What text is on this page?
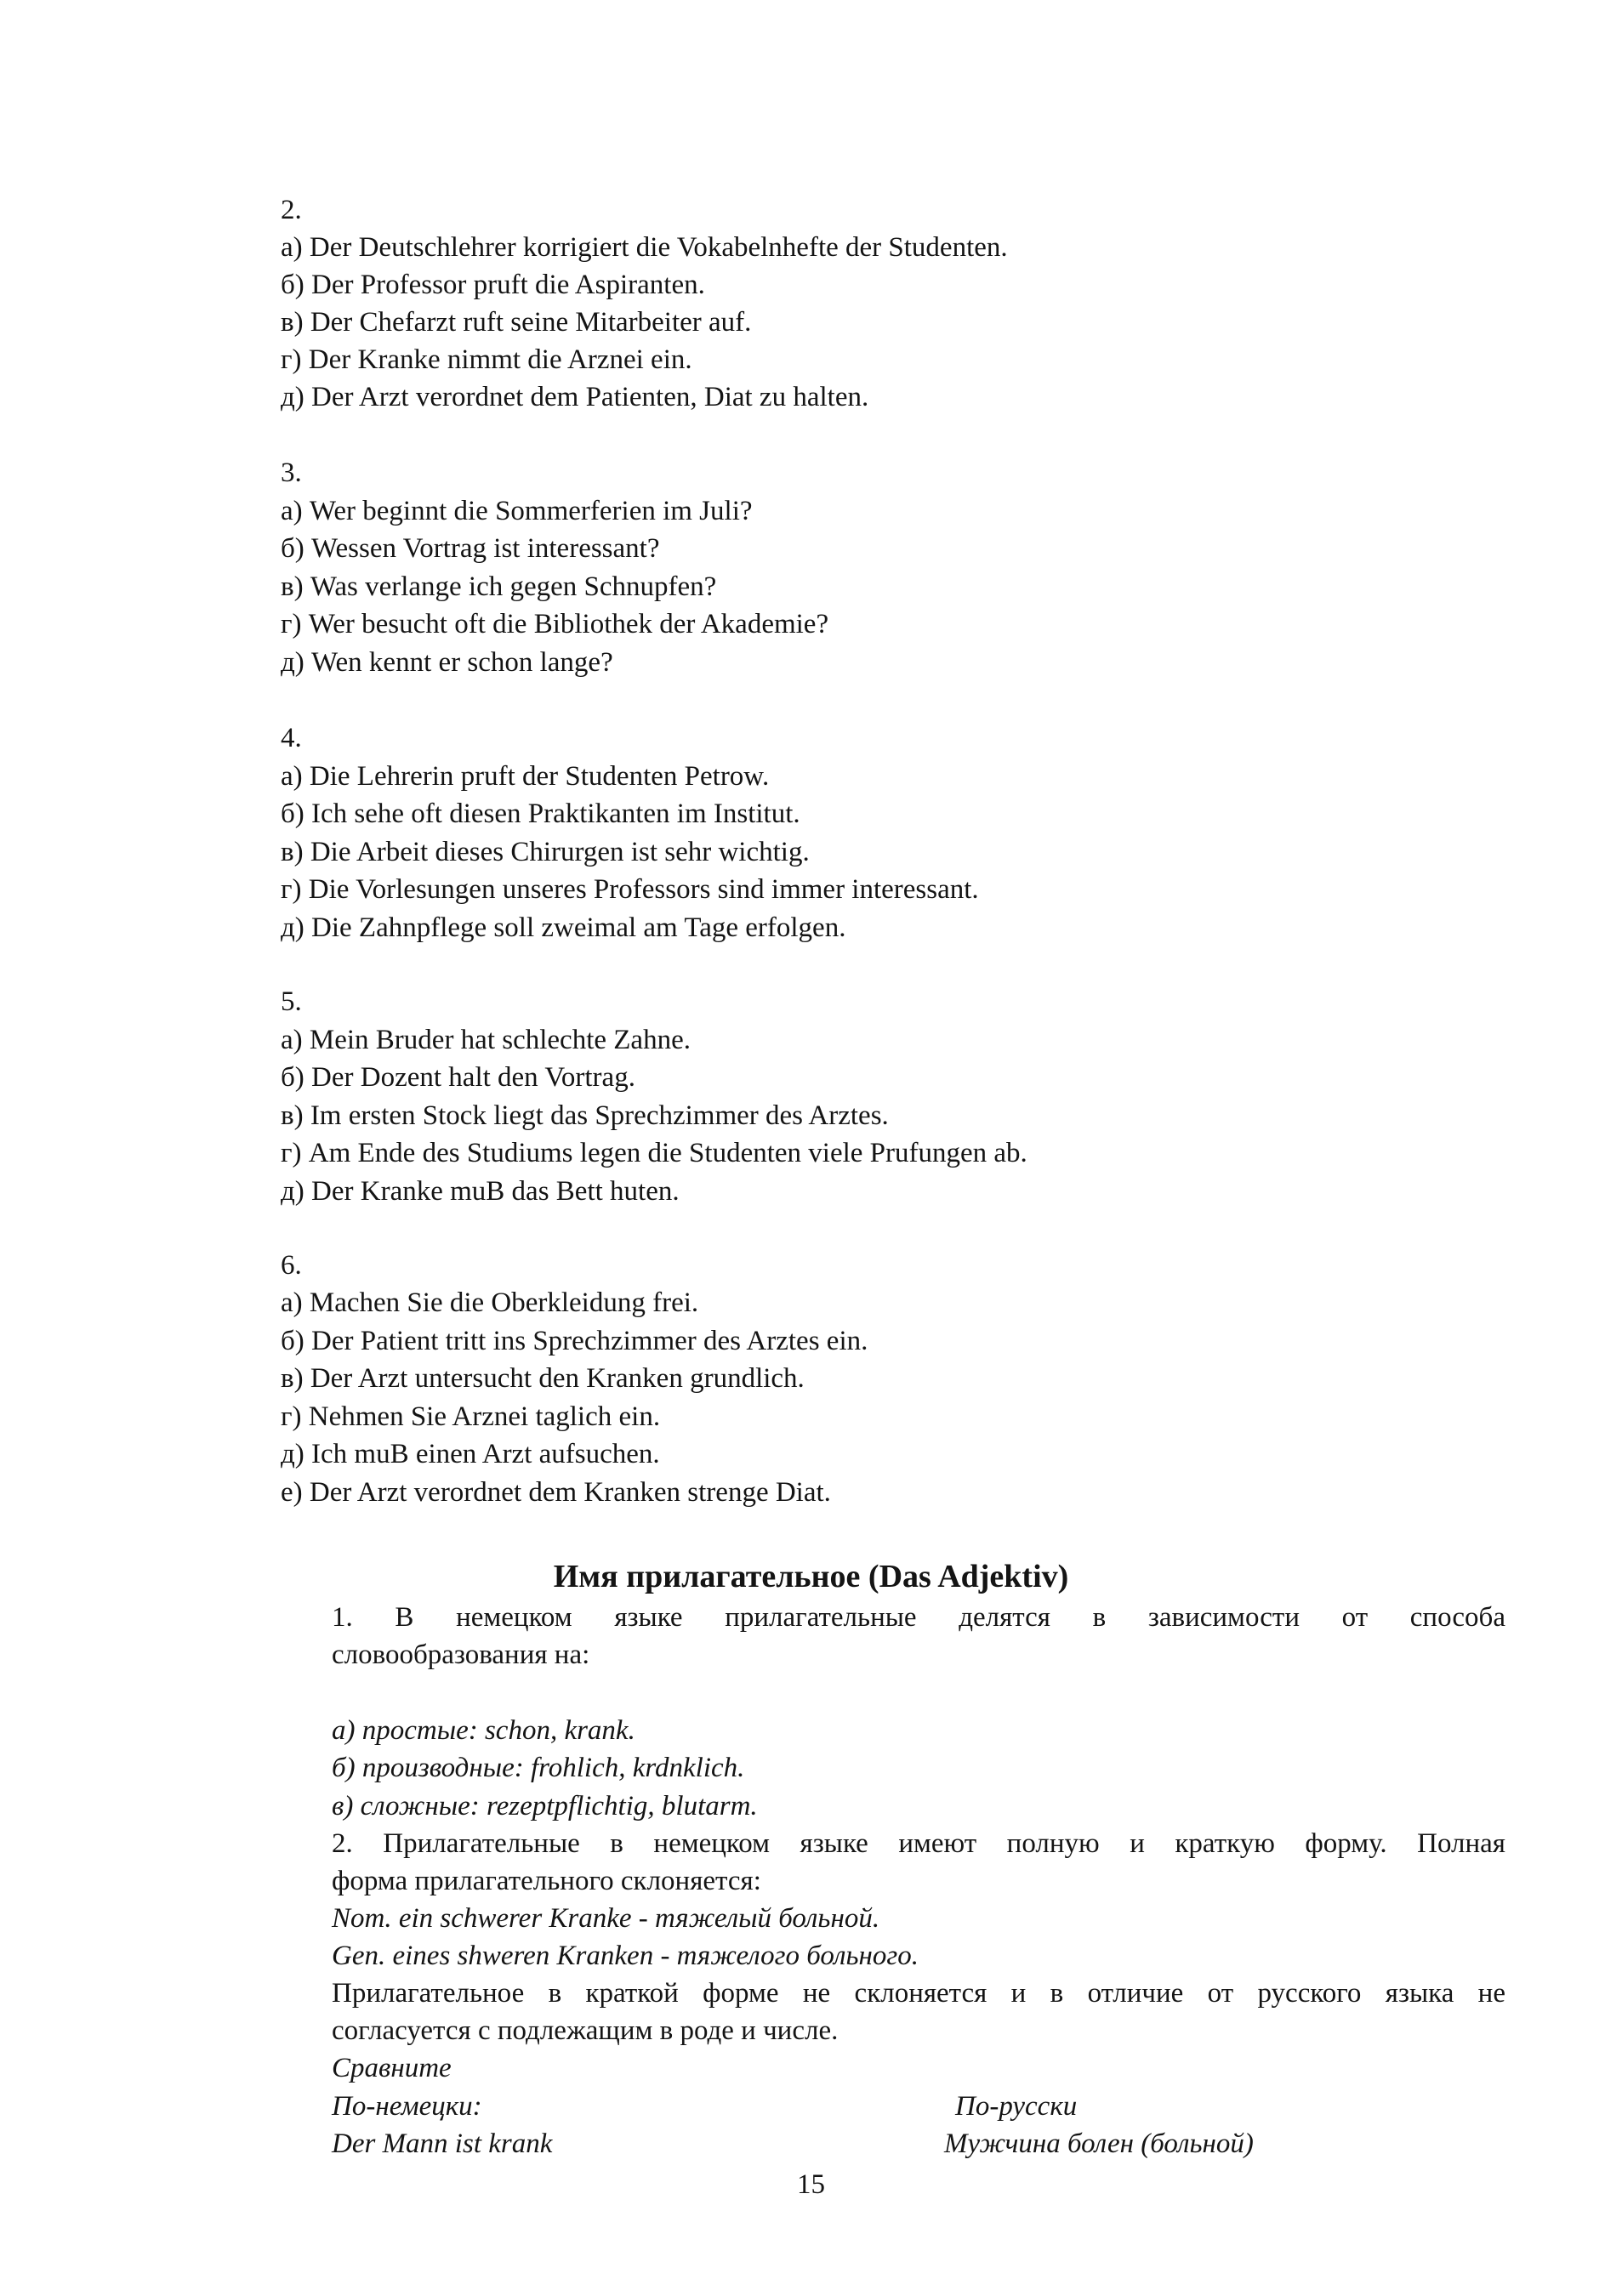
2.
а) Der Deutschlehrer korrigiert die Vokabelnhefte der Studenten.
б) Der Professor pruft die Aspiranten.
в) Der Chefarzt ruft seine Mitarbeiter auf.
г) Der Kranke nimmt die Arznei ein.
д) Der Arzt verordnet dem Patienten, Diat zu halten.
3.
а) Wer beginnt die Sommerferien im Juli?
б) Wessen Vortrag ist interessant?
в) Was verlange ich gegen Schnupfen?
г) Wer besucht oft die Bibliothek der Akademie?
д) Wen kennt er schon lange?
4.
а) Die Lehrerin pruft der Studenten Petrow.
б) Ich sehe oft diesen Praktikanten im Institut.
в) Die Arbeit dieses Chirurgen ist sehr wichtig.
г) Die Vorlesungen unseres Professors sind immer interessant.
д) Die Zahnpflege soll zweimal am Tage erfolgen.
5.
а) Mein Bruder hat schlechte Zahne.
б) Der Dozent halt den Vortrag.
в) Im ersten Stock liegt das Sprechzimmer des Arztes.
г) Am Ende des Studiums legen die Studenten viele Prufungen ab.
д) Der Kranke muB das Bett huten.
6.
а) Machen Sie die Oberkleidung frei.
б) Der Patient tritt ins Sprechzimmer des Arztes ein.
в) Der Arzt untersucht den Kranken grundlich.
г) Nehmen Sie Arznei taglich ein.
д) Ich muB einen Arzt aufsuchen.
е) Der Arzt verordnet dem Kranken strenge Diat.
Имя прилагательное (Das Adjektiv)
1. В немецком языке прилагательные делятся в зависимости от способа
словообразования на:
а) простые: schon, krank.
б) производные: frohlich, krdnklich.
в) сложные: rezeptpflichtig, blutarm.
2. Прилагательные в немецком языке имеют полную и краткую форму. Полная
форма прилагательного склоняется:
Nom. ein schwerer Kranke - тяжелый больной.
Gen. eines shweren Kranken - тяжелого больного.
Прилагательное в краткой форме не склоняется и в отличие от русского языка не
согласуется с подлежащим в роде и числе.
Сравните
По-немецки:	По-русски
Der Mann ist krank	Мужчина болен (больной)
15
